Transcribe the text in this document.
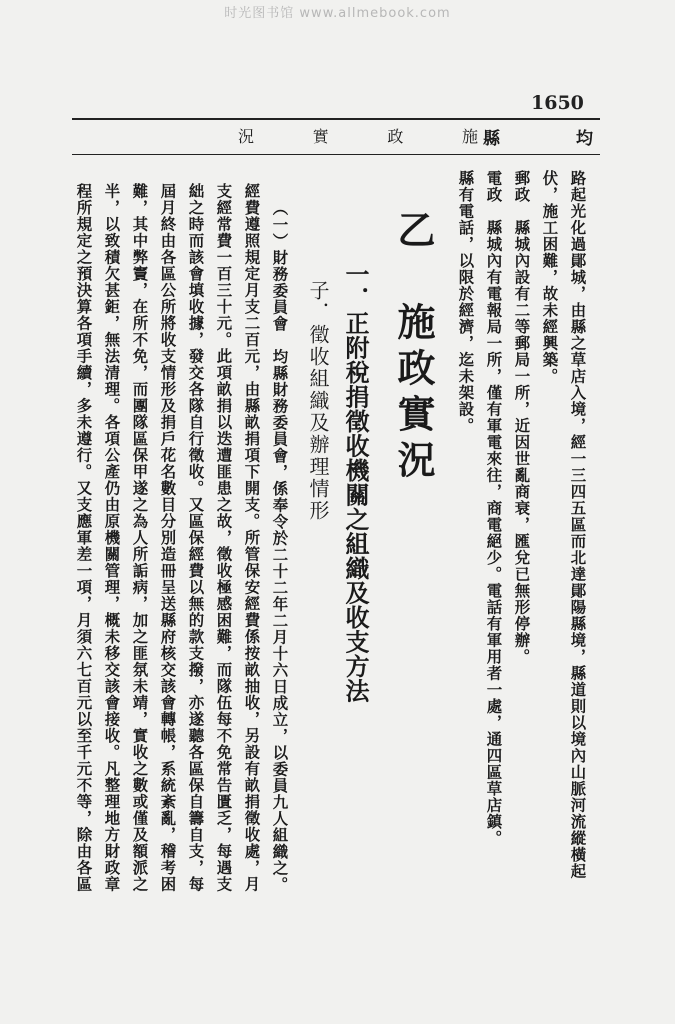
时光图书馆 www.allmebook.com
1650
縣	均
況	實	政	施
路起光化過鄖城，由縣之草店入境，經一三四五區而北達鄖陽縣境，縣道則以境內山脈河流縱橫起
伏，施工困難，故未經興築。
郵政　縣城內設有二等郵局一所，近因世亂商衰，匯兌已無形停辦。
電政　縣城內有電報局一所，僅有軍電來往，商電絕少。電話有軍用者一處，通四區草店鎮。
縣有電話，以限於經濟，迄未架設。
乙　施政實況
一．正附稅捐徵收機關之組織及收支方法
子．徵收組織及辦理情形
（一）財務委員會　均縣財務委員會，係奉令於二十二年二月十六日成立，以委員九人組織之。
經費遵照規定月支二百元，由縣畝捐項下開支。所管保安經費係按畝抽收，另設有畝捐徵收處，月
支經常費一百三十元。此項畝捐以迭遭匪患之故，徵收極感困難，而隊伍每不免常告匱乏，每遇支
絀之時而該會填收據，發交各隊自行徵收。又區保經費以無的款支撥，亦遂聽各區保自籌自支，每
屆月終由各區公所將收支情形及捐戶花名數目分別造冊呈送縣府核交該會轉帳，系統紊亂，稽考困
難，其中弊竇，在所不免，而團隊區保甲遂之為人所詬病，加之匪氛未靖，實收之數或僅及額派之
半，以致積欠甚鉅，無法清理。各項公產仍由原機關管理，概未移交該會接收。凡整理地方財政章
程所規定之預決算各項手續，多未遵行。又支應軍差一項，月須六七百元以至千元不等，除由各區
